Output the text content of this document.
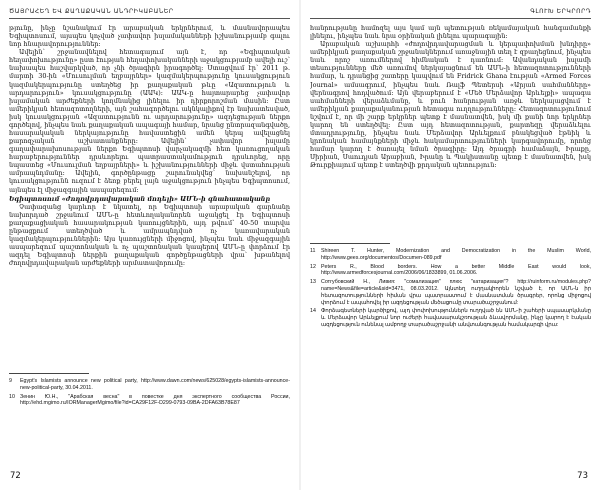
ԾԱՅՐԱՀԵՂ ԵՎ ՔԱՂԱՔԱԿԱՆ ԱՆԴՐԻԿԱԲԱՆԵՐ

թյունը, ինչը նշանակում էր արաբական երկրներում, և մասնավորապես Եգիպտոսում, այսպես կոչված չափավոր իսլամականների իշխանությամբ գալու նոր հնարավորություններ:

Ավելին՝ շրջանավնելով հետագայում այն է, որ «Եգիպտական հեղափոխությունը» ըստ էության հեղափոխականների աջակցությամբ ավելի ուշ՝ նախապես հաշվարկված, որ չնի ծրագիրն իրագործել: Ստացվում էր՝ 2011 թ. մարտի 30-ին «Մուսուլման եղբայրներ» կազմակերպությունը կուսակցություն կազմակերպությունը ստեղծեց իր քաղաքական թևը «Ազատություն և արդարություն» կուսակցությունը (ԱԱԿ): ԱԱԿ-ը հայտարարեց չափավոր իսլամական արժեքների կողմնակից լինելու իր դիրքորոշման մասին: Ըստ ամերիկյան հետազոտողների, այն շահագործելու ակնկալիքով էր նախատեսված, իսկ կուսակցության «Ազատությունն ու արդարությունը» ազդեցության ներքո գործելով, ինչպես նաև քաղաքական ապագայի համար, նրանց ընտրազանգվածը, հասարակական ներկայությունը հավաստեցին ամեն կերպ ավելացնել քարոզչական աշխատանքները: Ավելին՝ չափավոր իսլամը գաղափարախոսության ներքո Եգիպտոսի վարչակազմի հետ կառուցողական հարաբերություններ դրսևորելու պատրաստակամություն դրսևորեց, որը նպաստեց «Մուսուլման եղբայրների» և իշխանությունների միջև վստահության ամրապնդմանը: Ավելին, գործընթացը շարունակվեց՝ նախանշելով, որ կուսակցությունն ուզում է ձեռք բերել լայն աջակցություն ինչպես Եգիպտոսում, այնպես էլ միջազգային ասպարեզում:

Եգիպտոսում «ժողովրդավարական մոդելի» ԱՄՆ-ի գնահատականը

Չափազանց կարևոր է նկատել, որ Եգիպտոսի արաբական գարնանը նախորդած շրջանում ԱՄՆ-ը հետևողականորեն աջակցել էր Եգիպտոսի քաղաքացիական հասարակության կառույցներին, այդ թվում՝ 40-50 տարվա ընթացքում ստեղծված և ամրապնդված ոչ կառավարական կազմակերպություններին: Այս կառույցների միջոցով, ինչպես նաև միջազգային ասպարեզում պաշտոնական և ոչ պաշտոնական կապերով ԱՄՆ-ը փորձում էր ազդել Եգիպտոսի ներքին քաղաքական գործընթացների վրա՝ խթանելով ժողովրդավարական արժեքների արմատավորումը:

9 Egypt's Islamists announce new political party, http://www.dawn.com/news/625028/egypts-islamists-announce-new-political-party, 30.04.2011.
10 Зенин Ю.Н., "Арабская весна" в повестке дня экспертного сообщества России, http://ehd.mgimo.ru/IORManagerMgimo/file?id=CA29F12F-D299-0793-09BA-2DFA63B78E87
72
ԳԼՈՒԽ ԵՐԿՐՈՐԴ

հանրությանը համոզել այս կամ այն պետության ռեկամայական հանգամանքի լինելու, ինչպես նաև նրա օրինական լինելու պարագային:

Արաբական աշխարհի «ժողովրդավարացման և կերպափոխման խնդիրը» ամերիկյան քաղաքական շրջանակներում առաջնային տեղ է զբաղեցնում, ինչպես նաև որոշ առումներով հիմնական է դառնում: Ավանդական իսլամի տեսությունները մեծ առումով ներկայացնում են ԱՄՆ-ի հետազոտությունների համար, և դրանցից շատերը կապվում են Fridrick Ghana էության «Armed Forces Journal» ամսագրում, ինչպես նաև Ռալֆ Պետերսի «Արյան սահմանները» վերնագրով հոդվածում: Այն վերաբերում է «Մեծ Մերձավոր Արևելքի» ապագա սահմանների վերաձևմանը, և բուն հանրության առջև ներկայացվում է ամերիկյան քաղաքականության հետագա ուղղությունները: Հետազոտությունում նշվում է, որ մի շարք երկրներ պետք է մասնատվեն, իսկ մի քանի նոր երկրներ կարող են ստեղծվել: Ըստ այդ հետազոտության, քարտեզը վերաձևելու մտադրությունը, ինչպես նաև Մերձավոր Արևելքում բնակեցված էթնիկ և կրոնական համայնքների միջև հակամարտությունների կարգավորումը, որոնց համար կարող է ծառայել նման ծրագիրը: Այդ ծրագրի համաձայն, Իրաքը, Սիրիան, Սաուդյան Արաբիան, Իրանը և Պակիստանը պետք է մասնատվեն, իսկ Թուրքիայում պետք է ստեղծվի քրդական պետություն:

11 Shireen T. Hunter, Modernization and Democratization in the Muslim World, http://www.gees.org/documentos/Documen-089.pdf
12 Peters R., Blood borders. How a better Middle East would look, http://www.armedforcesjournal.com/2006/06/1833899, 01.06.2006.
13 Сотгубовский Н., Ливия: "сомализация" плюс "катаризация"? http://ruinform.ru/modules.php?name=News&file=article&sid=3471, 08.03.2012. Այնտեղ ուղղակիորեն նշված է, որ ԱՄՆ-ն իր հետազոտությունների հիման վրա պատրաստում է մասնատման ծրագրեր, որոնց միջոցով փորձում է ապահովել իր ազդեցության մեծացումը տարածաշրջանում:
14 Փորձագետների կարծիքով, այդ փոփոխություններն ուղղված են ԱՄՆ-ի շահերի սպասարկմանը և Մերձավոր Արևելքում նոր ուժերի հավասարակշռության ձևավորմանը, ինչը կարող է էական ազդեցություն ունենալ ամբողջ տարածաշրջանի անվտանգության համակարգի վրա:
73
